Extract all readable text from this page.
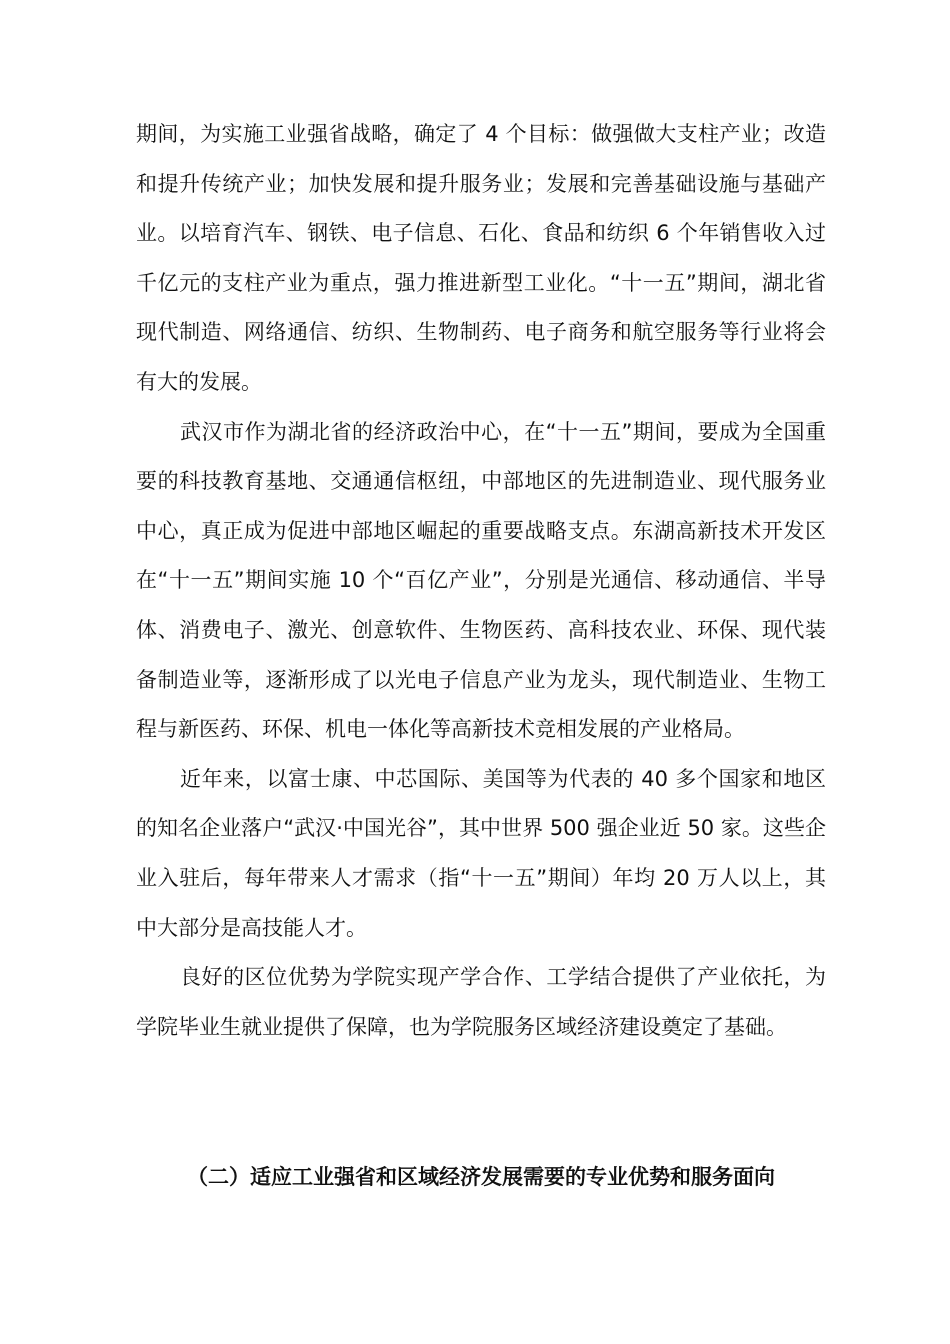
期间，为实施工业强省战略，确定了 4 个目标：做强做大支柱产业；改造和提升传统产业；加快发展和提升服务业；发展和完善基础设施与基础产业。以培育汽车、钢铁、电子信息、石化、食品和纺织 6 个年销售收入过千亿元的支柱产业为重点，强力推进新型工业化。“十一五”期间，湖北省现代制造、网络通信、纺织、生物制药、电子商务和航空服务等行业将会有大的发展。

武汉市作为湖北省的经济政治中心，在“十一五”期间，要成为全国重要的科技教育基地、交通通信枢纽，中部地区的先进制造业、现代服务业中心，真正成为促进中部地区崛起的重要战略支点。东湖高新技术开发区在“十一五”期间实施 10 个“百亿产业”，分别是光通信、移动通信、半导体、消费电子、激光、创意软件、生物医药、高科技农业、环保、现代装备制造业等，逐渐形成了以光电子信息产业为龙头，现代制造业、生物工程与新医药、环保、机电一体化等高新技术竞相发展的产业格局。

近年来，以富士康、中芯国际、美国等为代表的 40 多个国家和地区的知名企业落户“武汉·中国光谷”，其中世界 500 强企业近 50 家。这些企业入驻后，每年带来人才需求（指“十一五”期间）年均 20 万人以上，其中大部分是高技能人才。

良好的区位优势为学院实现产学合作、工学结合提供了产业依托，为学院毕业生就业提供了保障，也为学院服务区域经济建设奠定了基础。

（二）适应工业强省和区域经济发展需要的专业优势和服务面向
